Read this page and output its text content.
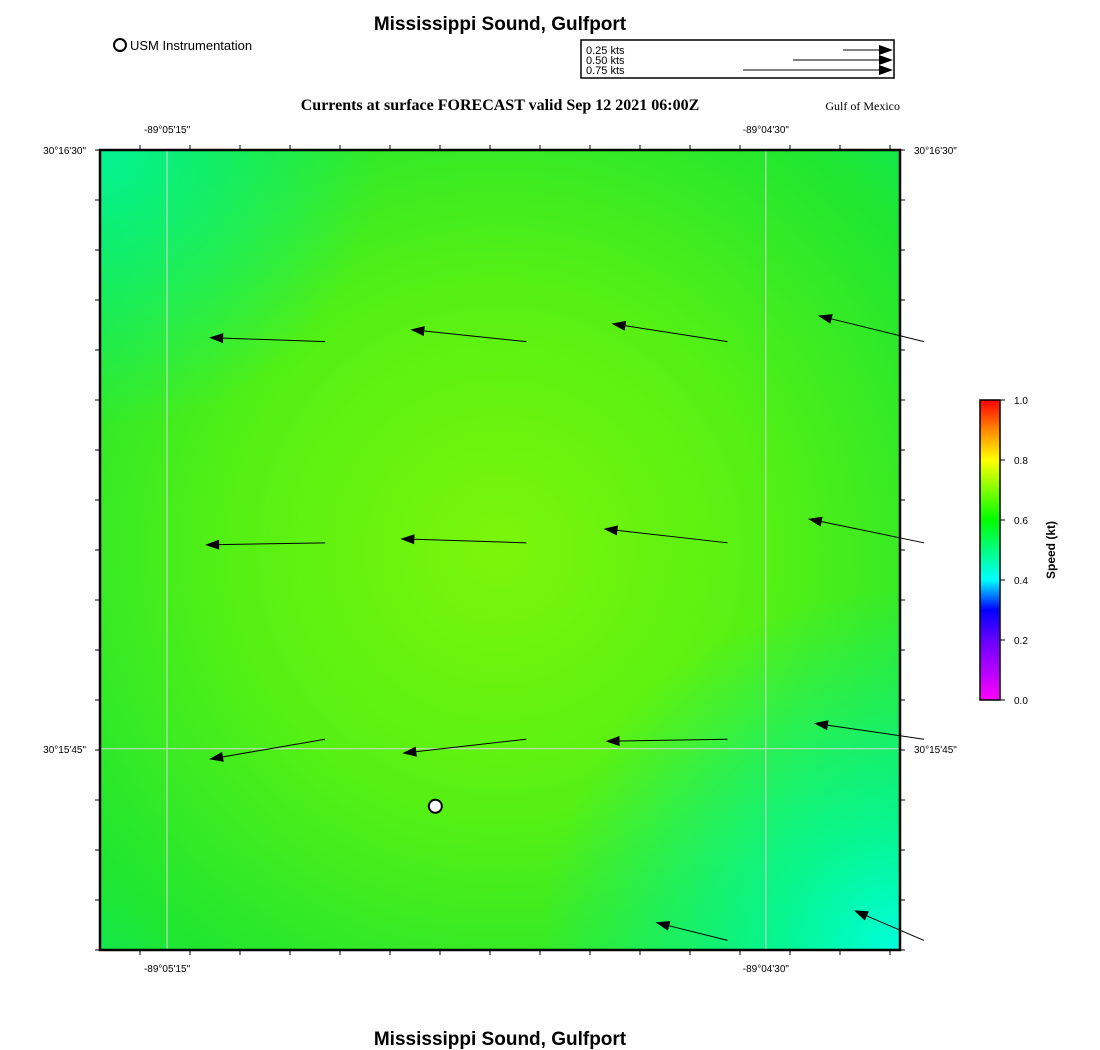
Mississippi Sound, Gulfport
USM Instrumentation	0.25 kts
0.50 kts
0.75 kts
Currents at surface FORECAST valid Sep 12 2021 06:00Z	Gulf of Mexico
-89°05'15"
-89°05'15"
-89°04'30"
-89°04'30"
30°16'30"	30°16'30"
30°15'45"	30°15'45"
0.0
0.2
0.4
0.6
0.8
1.0
Speed (kt)
Mississippi Sound, Gulfport
